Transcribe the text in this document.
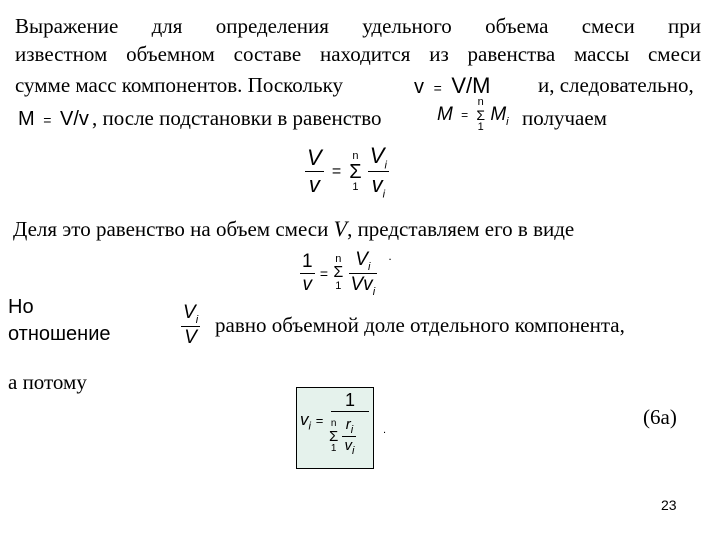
Выражение для определения удельного объема смеси при
известном объемном составе находится из равенства массы смеси
сумме масс компонентов. Поскольку	v = V/M и, следовательно,
M = V/v , после подстановки в равенство	M =
n
Σ
1
$M_i$ получаем
$\frac{V}{v}$ =
n
Σ
1
$\frac{V_i}{v_i}$
Деля это равенство на объем смеси V, представляем его в виде
$\frac{1}{v}$ =
n
Σ
1
$\frac{V_i}{Vv_i} ^.$
Но
отношение	$\frac{V_i}{V}$ равно объемной доле отдельного компонента,
а потому
$v_i$ =
1
n
Σ
1
$\frac{r_i}{v_i}$ .
(6а)
23
